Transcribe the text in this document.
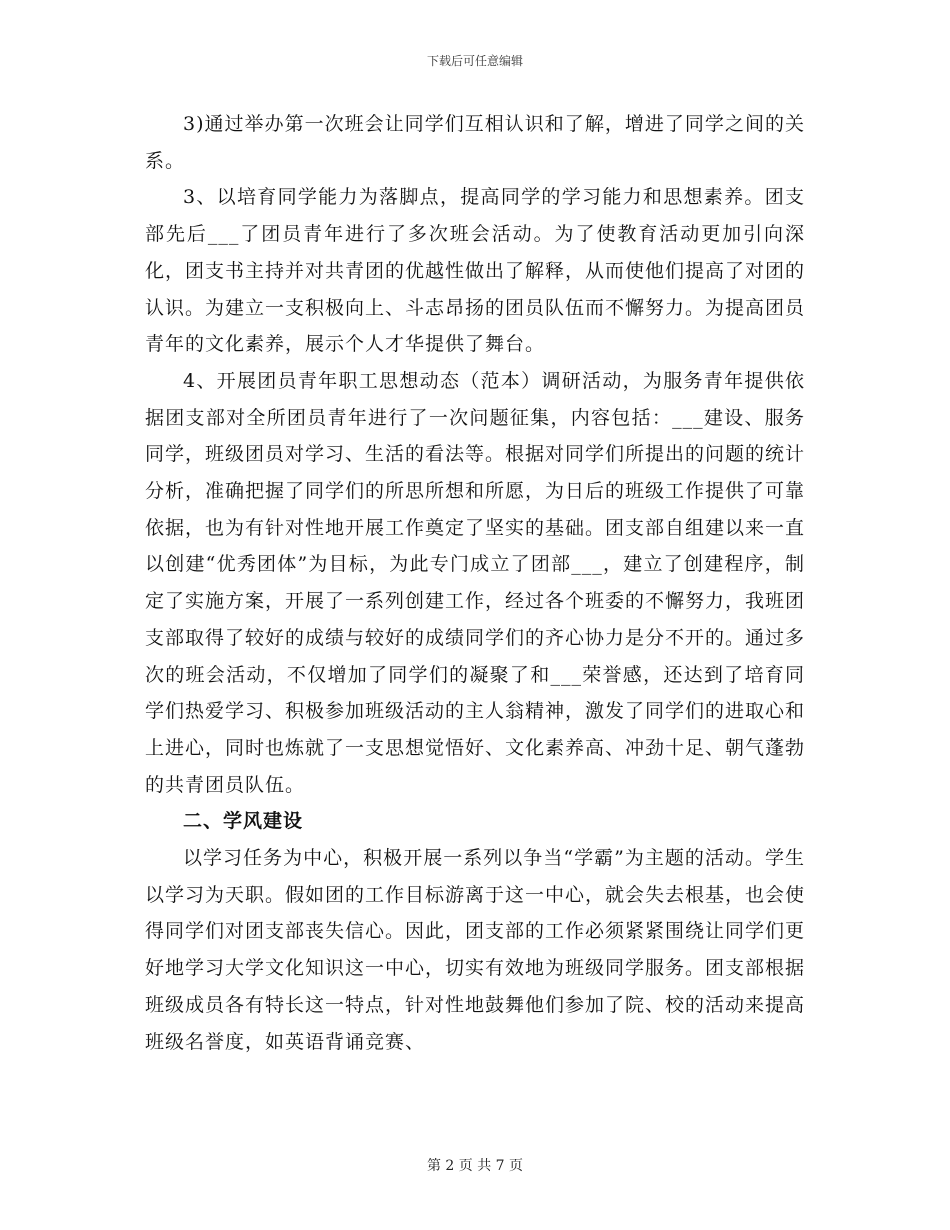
下载后可任意编辑

3)通过举办第一次班会让同学们互相认识和了解，增进了同学之间的关系。

3、以培育同学能力为落脚点，提高同学的学习能力和思想素养。团支部先后___了团员青年进行了多次班会活动。为了使教育活动更加引向深化，团支书主持并对共青团的优越性做出了解释，从而使他们提高了对团的认识。为建立一支积极向上、斗志昂扬的团员队伍而不懈努力。为提高团员青年的文化素养，展示个人才华提供了舞台。

4、开展团员青年职工思想动态（范本）调研活动，为服务青年提供依据团支部对全所团员青年进行了一次问题征集，内容包括：___建设、服务同学，班级团员对学习、生活的看法等。根据对同学们所提出的问题的统计分析，准确把握了同学们的所思所想和所愿，为日后的班级工作提供了可靠依据，也为有针对性地开展工作奠定了坚实的基础。团支部自组建以来一直以创建“优秀团体”为目标，为此专门成立了团部___，建立了创建程序，制定了实施方案，开展了一系列创建工作，经过各个班委的不懈努力，我班团支部取得了较好的成绩与较好的成绩同学们的齐心协力是分不开的。通过多次的班会活动，不仅增加了同学们的凝聚了和___荣誉感，还达到了培育同学们热爱学习、积极参加班级活动的主人翁精神，激发了同学们的进取心和上进心，同时也炼就了一支思想觉悟好、文化素养高、冲劲十足、朝气蓬勃的共青团员队伍。

二、学风建设

以学习任务为中心，积极开展一系列以争当“学霸”为主题的活动。学生以学习为天职。假如团的工作目标游离于这一中心，就会失去根基，也会使得同学们对团支部丧失信心。因此，团支部的工作必须紧紧围绕让同学们更好地学习大学文化知识这一中心，切实有效地为班级同学服务。团支部根据班级成员各有特长这一特点，针对性地鼓舞他们参加了院、校的活动来提高班级名誉度，如英语背诵竞赛、

第 2 页 共 7 页
